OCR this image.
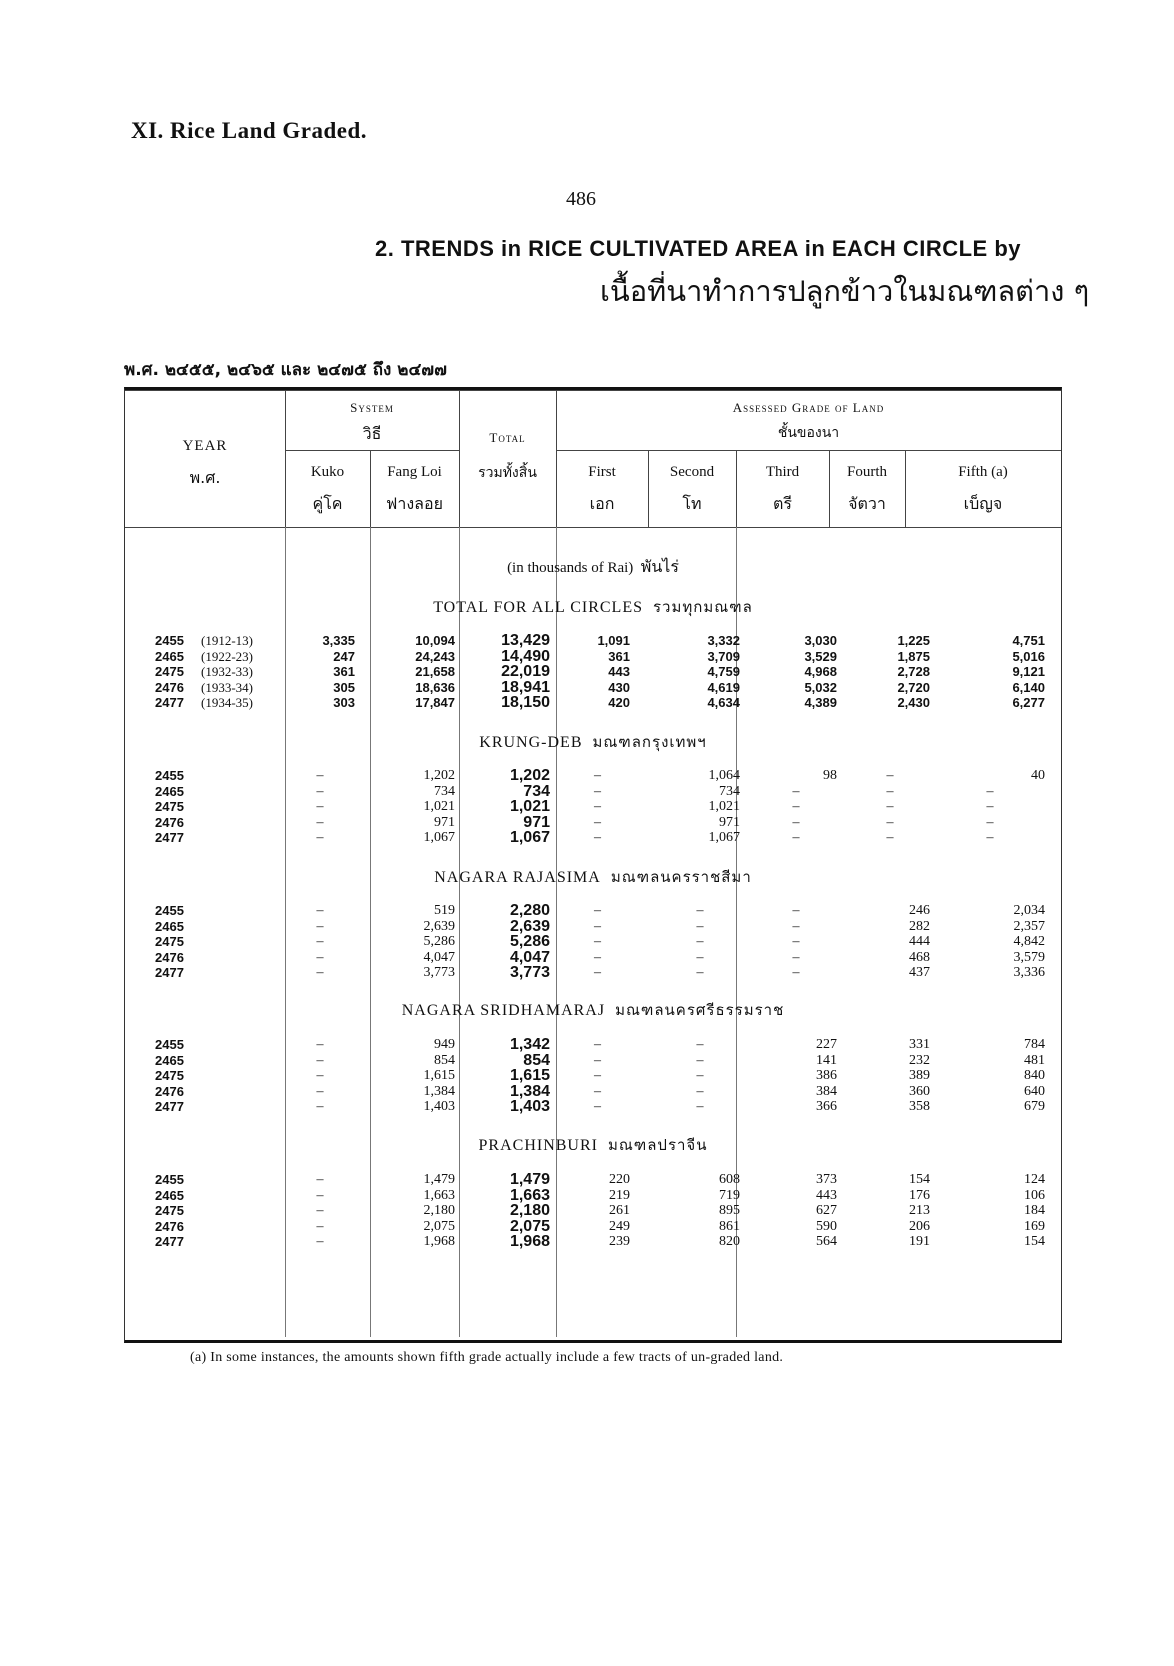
XI. Rice Land Graded.
486
2. TRENDS in RICE CULTIVATED AREA in EACH CIRCLE by
เนื้อที่นาทำการปลูกข้าวในมณฑลต่าง ๆ
พ.ศ. ๒๔๕๕, ๒๔๖๕ และ ๒๔๗๕ ถึง ๒๔๗๗
YEAR
พ.ศ.
System
วิธี	Total
รวมทั้งสิ้น
Assessed Grade of Land
ชั้นของนา
Kuko
คู่โค
Fang Loi
ฟางลอย
First
เอก
Second
โท
Third
ตรี
Fourth
จัตวา
Fifth (a)
เบ็ญจ
(in thousands of Rai) พันไร่
TOTAL FOR ALL CIRCLES รวมทุกมณฑล
2455 (1912-13)	3,335	10,094	13,429	1,091	3,332	3,030	1,225	4,751
2465 (1922-23)	247	24,243	14,490	361	3,709	3,529	1,875	5,016
2475 (1932-33)	361	21,658	22,019	443	4,759	4,968	2,728	9,121
2476 (1933-34)	305	18,636	18,941	430	4,619	5,032	2,720	6,140
2477 (1934-35)	303	17,847	18,150	420	4,634	4,389	2,430	6,277
KRUNG-DEB มณฑลกรุงเทพฯ
2455	–	1,202	1,202	–	1,064	98	–	40
2465	–	734	734	–	734	–	–	–
2475	–	1,021	1,021	–	1,021	–	–	–
2476	–	971	971	–	971	–	–	–
2477	–	1,067	1,067	–	1,067	–	–	–
NAGARA RAJASIMA มณฑลนครราชสีมา
2455	–	519	2,280	–	–	–	246	2,034
2465	–	2,639	2,639	–	–	–	282	2,357
2475	–	5,286	5,286	–	–	–	444	4,842
2476	–	4,047	4,047	–	–	–	468	3,579
2477	–	3,773	3,773	–	–	–	437	3,336
NAGARA SRIDHAMARAJ มณฑลนครศรีธรรมราช
2455	–	949	1,342	–	–	227	331	784
2465	–	854	854	–	–	141	232	481
2475	–	1,615	1,615	–	–	386	389	840
2476	–	1,384	1,384	–	–	384	360	640
2477	–	1,403	1,403	–	–	366	358	679
PRACHINBURI มณฑลปราจีน
2455	–	1,479	1,479	220	608	373	154	124
2465	–	1,663	1,663	219	719	443	176	106
2475	–	2,180	2,180	261	895	627	213	184
2476	–	2,075	2,075	249	861	590	206	169
2477	–	1,968	1,968	239	820	564	191	154
(a) In some instances, the amounts shown fifth grade actually include a few tracts of un-graded land.
